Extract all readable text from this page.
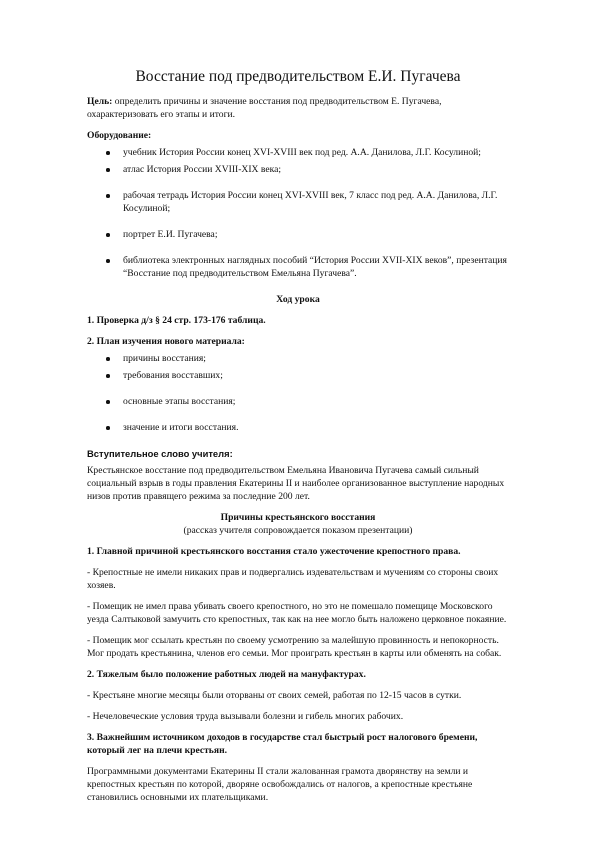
Восстание под предводительством Е.И. Пугачева

Цель: определить причины и значение восстания под предводительством Е. Пугачева, охарактеризовать его этапы и итоги.

Оборудование:

учебник История России конец XVI-XVIII век под ред. А.А. Данилова, Л.Г. Косулиной;
атлас История России XVIII-XIX века;
рабочая тетрадь История России конец XVI-XVIII век, 7 класс под ред. А.А. Данилова, Л.Г. Косулиной;
портрет Е.И. Пугачева;
библиотека электронных наглядных пособий “История России XVII-XIX веков”, презентация “Восстание под предводительством Емельяна Пугачева”.

Ход урока

1. Проверка д/з § 24 стр. 173-176 таблица.

2. План изучения нового материала:

причины восстания;
требования восставших;
основные этапы восстания;
значение и итоги восстания.

Вступительное слово учителя:

Крестьянское восстание под предводительством Емельяна Ивановича Пугачева самый сильный социальный взрыв в годы правления Екатерины II и наиболее организованное выступление народных низов против правящего режима за последние 200 лет.

Причины крестьянского восстания
(рассказ учителя сопровождается показом презентации)

1. Главной причиной крестьянского восстания стало ужесточение крепостного права.

- Крепостные не имели никаких прав и подвергались издевательствам и мучениям со стороны своих хозяев.

- Помещик не имел права убивать своего крепостного, но это не помешало помещице Московского уезда Салтыковой замучить сто крепостных, так как на нее могло быть наложено церковное покаяние.

- Помещик мог ссылать крестьян по своему усмотрению за малейшую провинность и непокорность. Мог продать крестьянина, членов его семьи. Мог проиграть крестьян в карты или обменять на собак.

2. Тяжелым было положение работных людей на мануфактурах.

- Крестьяне многие месяцы были оторваны от своих семей, работая по 12-15 часов в сутки.

- Нечеловеческие условия труда вызывали болезни и гибель многих рабочих.

3. Важнейшим источником доходов в государстве стал быстрый рост налогового бремени, который лег на плечи крестьян.

Программными документами Екатерины II стали жалованная грамота дворянству на земли и крепостных крестьян по которой, дворяне освобождались от налогов, а крепостные крестьяне становились основными их плательщиками.
